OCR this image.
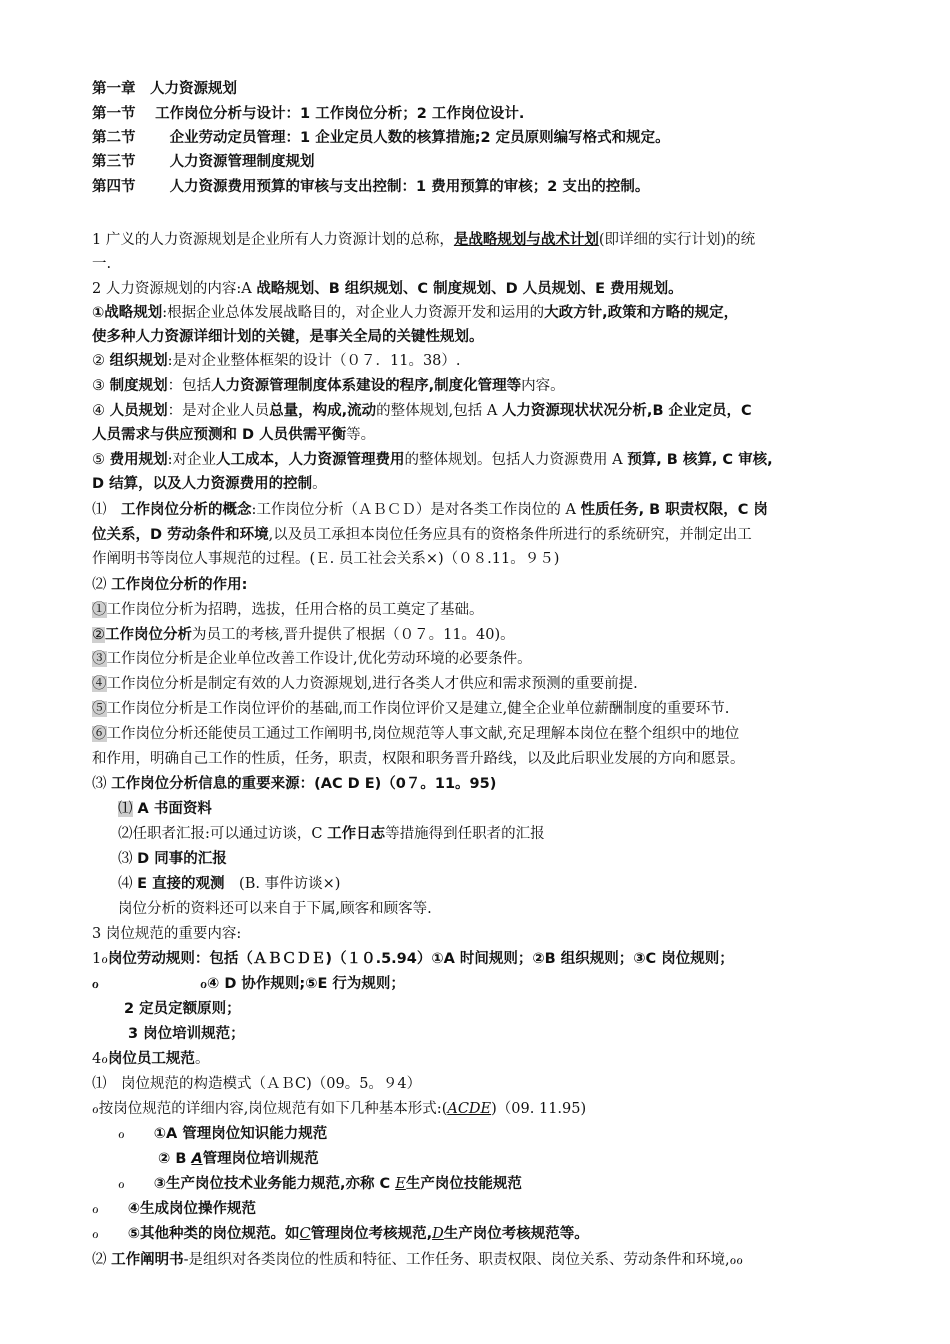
第一章　 人力资源规划
第一节　 工作岗位分析与设计：1 工作岗位分析；2 工作岗位设计.
第二节　 　 企业劳动定员管理：1 企业定员人数的核算措施;2 定员原则编写格式和规定。
第三节　 　 人力资源管理制度规划
第四节　 　 人力资源费用预算的审核与支出控制：1 费用预算的审核；2 支出的控制。
1 广义的人力资源规划是企业所有人力资源计划的总称，是战略规划与战术计划(即详细的实行计划)的统
一.
2 人力资源规划的内容:A 战略规划、B 组织规划、C 制度规划、D 人员规划、E 费用规划。
①战略规划:根据企业总体发展战略目的，对企业人力资源开发和运用的大政方针,政策和方略的规定，
使多种人力资源详细计划的关键，是事关全局的关键性规划。
② 组织规划:是对企业整体框架的设计（０７．11。38）.
③ 制度规划：包括人力资源管理制度体系建设的程序,制度化管理等内容。
④ 人员规划：是对企业人员总量，构成,流动的整体规划,包括 A 人力资源现状状况分析,B 企业定员，C
人员需求与供应预测和 D 人员供需平衡等。
⑤ 费用规划:对企业人工成本，人力资源管理费用的整体规划。包括人力资源费用 A 预算, B 核算, C 审核,
D 结算，以及人力资源费用的控制。
⑴　工作岗位分析的概念:工作岗位分析（ＡＢＣＤ）是对各类工作岗位的 A 性质任务, B 职责权限，C 岗
位关系，D 劳动条件和环境,以及员工承担本岗位任务应具有的资格条件所进行的系统研究，并制定出工
作阐明书等岗位人事规范的过程。(Ｅ. 员工社会关系×)（０８.11。９５)
⑵ 工作岗位分析的作用:
①工作岗位分析为招聘，选拔，任用合格的员工奠定了基础。
②工作岗位分析为员工的考核,晋升提供了根据（０７。11。40)。
③工作岗位分析是企业单位改善工作设计,优化劳动环境的必要条件。
④工作岗位分析是制定有效的人力资源规划,进行各类人才供应和需求预测的重要前提.
⑤工作岗位分析是工作岗位评价的基础,而工作岗位评价又是建立,健全企业单位薪酬制度的重要环节.
⑥工作岗位分析还能使员工通过工作阐明书,岗位规范等人事文献,充足理解本岗位在整个组织中的地位
和作用，明确自己工作的性质，任务，职责，权限和职务晋升路线，以及此后职业发展的方向和愿景。
⑶ 工作岗位分析信息的重要来源：(AC D E)（0７。11。95)
⑴ A 书面资料
⑵任职者汇报:可以通过访谈，C 工作日志等措施得到任职者的汇报
⑶ D 同事的汇报
⑷ E 直接的观测　(B. 事件访谈×)
岗位分析的资料还可以来自于下属,顾客和顾客等.
3 岗位规范的重要内容:
1ℴ岗位劳动规则：包括（ＡＢＣＤＥ)（１０.5.94）①A 时间规则；②B 组织规则；③C 岗位规则；
ℴ　　　　　　　	ℴ④ D 协作规则;⑤E 行为规则；
2 定员定额原则；
3 岗位培训规范；
4ℴ岗位员工规范。
⑴　岗位规范的构造模式（ＡＢC)（09。5。９4）
ℴ按岗位规范的详细内容,岗位规范有如下几种基本形式:(ACDE)（09. 11.95)
ℴ　　 ①A 管理岗位知识能力规范
② B A管理岗位培训规范
ℴ　　 ③生产岗位技术业务能力规范,亦称 C E生产岗位技能规范
ℴ　　 ④生成岗位操作规范
ℴ　　 ⑤其他种类的岗位规范。如C管理岗位考核规范,D生产岗位考核规范等。
⑵ 工作阐明书-是组织对各类岗位的性质和特征、工作任务、职责权限、岗位关系、劳动条件和环境,ℴℴ
